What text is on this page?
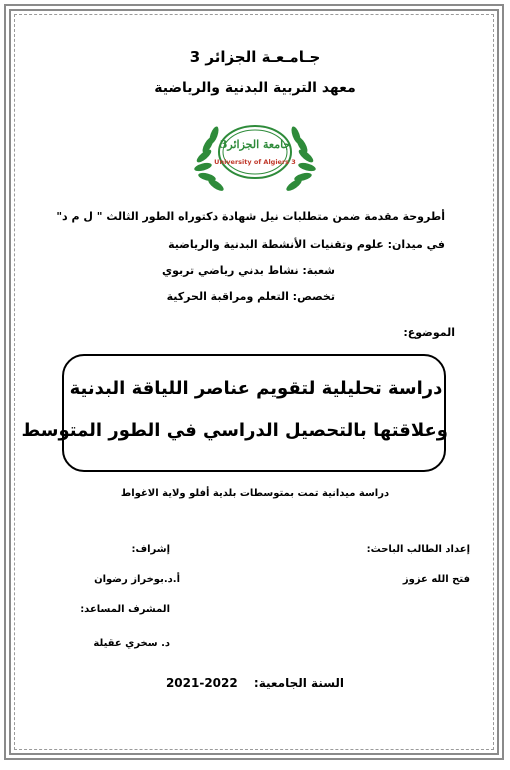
جـامـعـة الجزائر 3
معهد التربية البدنية والرياضية
جامعة الجزائر3
University of Algiers 3
أطروحة مقدمة ضمن متطلبات نيل شهادة دكتوراه الطور الثالث " ل م د"
في ميدان: علوم وتقنيات الأنشطة البدنية والرياضية
شعبة: نشاط بدني رياضي تربوي
تخصص: التعلم ومراقبة الحركية
الموضوع:
دراسة تحليلية لتقويم عناصر اللياقة البدنية
وعلاقتها بالتحصيل الدراسي في الطور المتوسط
دراسة ميدانية تمت بمتوسطات بلدية أفلو ولاية الاغواط
إعداد الطالب الباحث:
إشراف:
فتح الله عزوز
أ.د.بوخراز رضوان
المشرف المساعد:
د. سخري عقيلة
السنة الجامعية: 2021-2022
